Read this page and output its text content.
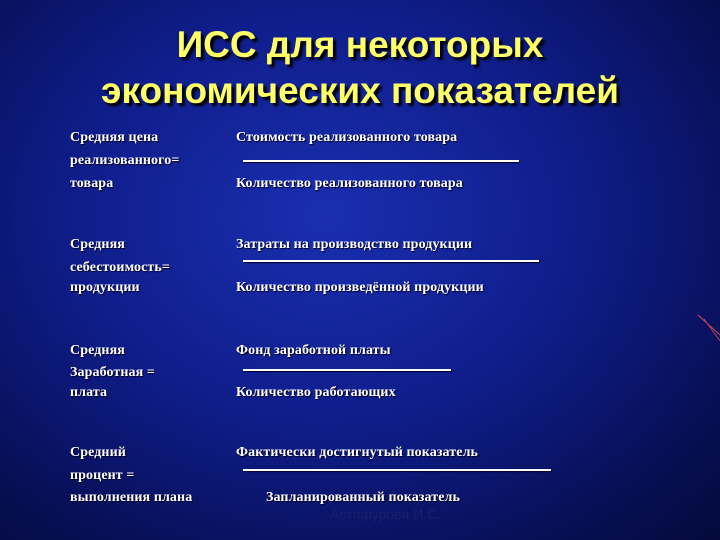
ИСС для некоторых
экономических показателей
Средняя цена
реализованного=
товара
Стоимость реализованного товара
Количество реализованного товара
Средняя
себестоимость=
продукции
Затраты на производство продукции
Количество произведённой продукции
Средняя
Заработная =
плата
Фонд заработной платы
Количество работающих
Средний
процент =
выполнения плана
Фактически достигнутый показатель
Запланированный показатель
Астафурова И.С.
